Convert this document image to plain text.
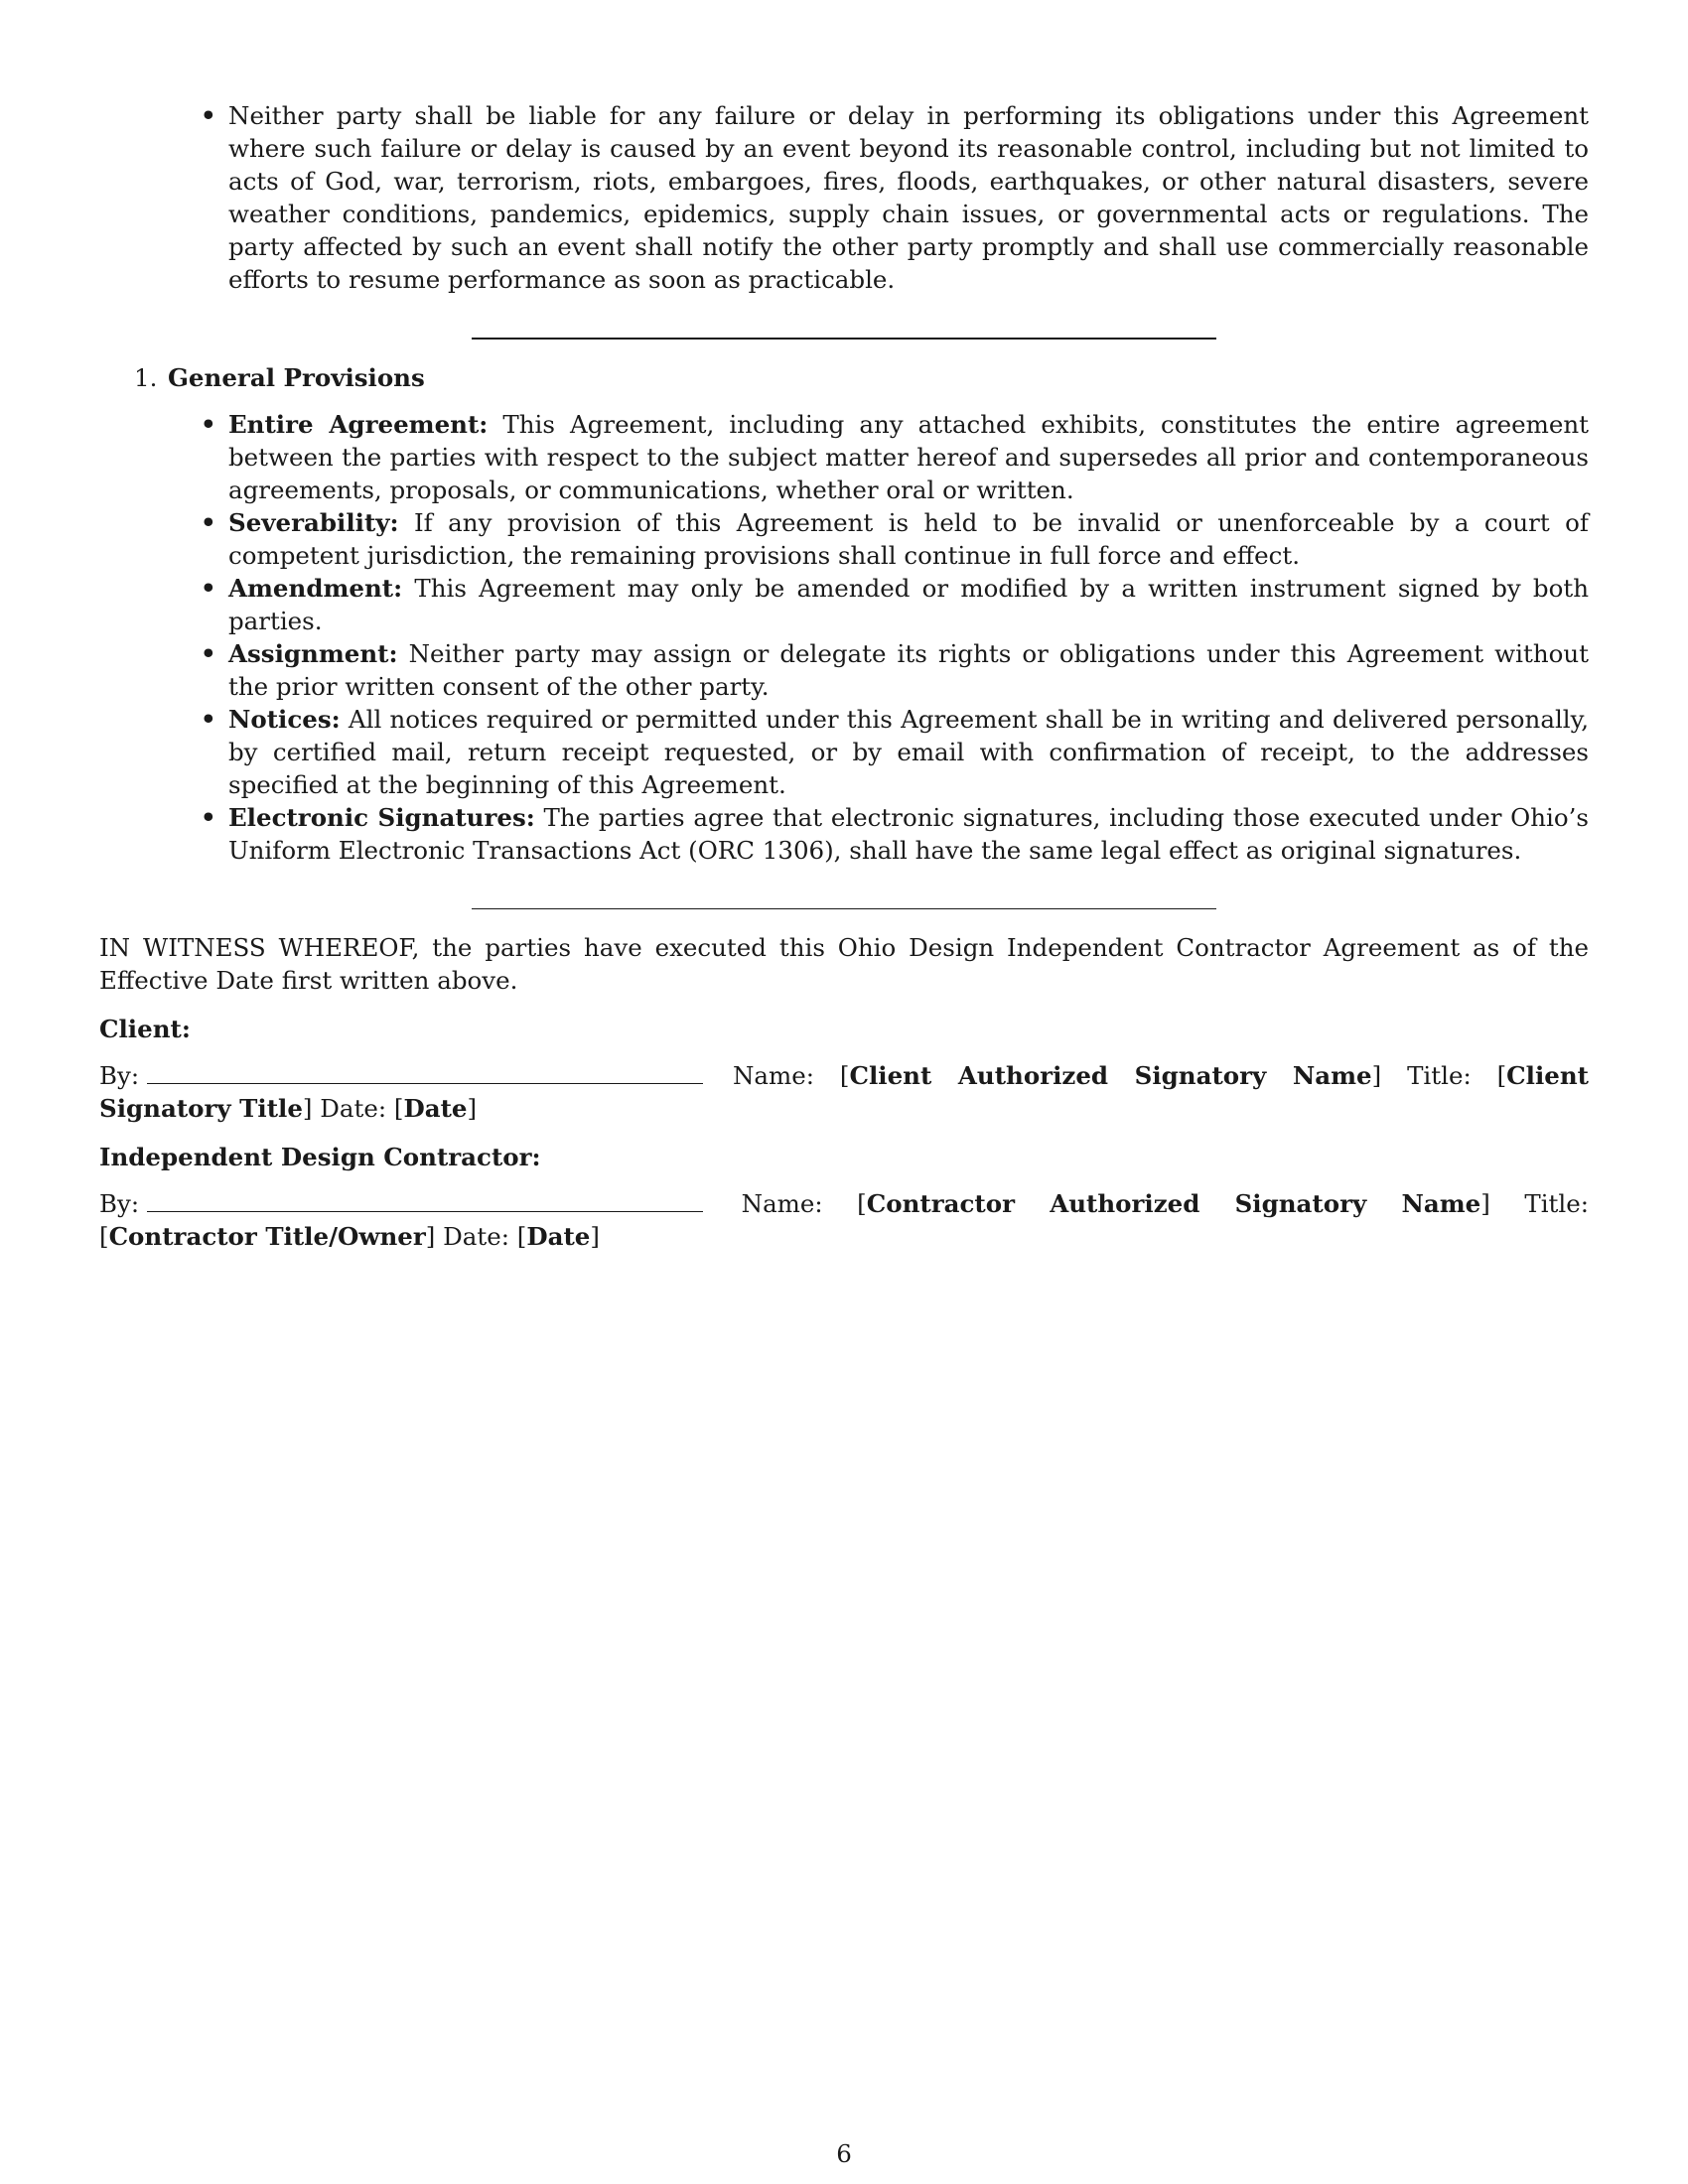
• Neither party shall be liable for any failure or delay in performing its obligations under this Agreement where such failure or delay is caused by an event beyond its reasonable control, including but not limited to acts of God, war, terrorism, riots, embargoes, fires, floods, earthquakes, or other natural disasters, severe weather conditions, pandemics, epidemics, supply chain issues, or governmental acts or regulations. The party affected by such an event shall notify the other party promptly and shall use commercially reasonable efforts to resume performance as soon as practicable.
1. General Provisions
• Entire Agreement: This Agreement, including any attached exhibits, constitutes the entire agreement between the parties with respect to the subject matter hereof and supersedes all prior and contemporaneous agreements, proposals, or communications, whether oral or written.
• Severability: If any provision of this Agreement is held to be invalid or unenforceable by a court of competent jurisdiction, the remaining provisions shall continue in full force and effect.
• Amendment: This Agreement may only be amended or modified by a written instrument signed by both parties.
• Assignment: Neither party may assign or delegate its rights or obligations under this Agreement without the prior written consent of the other party.
• Notices: All notices required or permitted under this Agreement shall be in writing and delivered personally, by certified mail, return receipt requested, or by email with confirmation of receipt, to the addresses specified at the beginning of this Agreement.
• Electronic Signatures: The parties agree that electronic signatures, including those executed under Ohio’s Uniform Electronic Transactions Act (ORC 1306), shall have the same legal effect as original signatures.

IN WITNESS WHEREOF, the parties have executed this Ohio Design Independent Contractor Agreement as of the Effective Date first written above.

Client:

By:	Name: [Client Authorized Signatory Name] Title: [Client Signatory Title] Date: [Date]

Independent Design Contractor:

By:	Name: [Contractor Authorized Signatory Name] Title: [Contractor Title/Owner] Date: [Date]

6
